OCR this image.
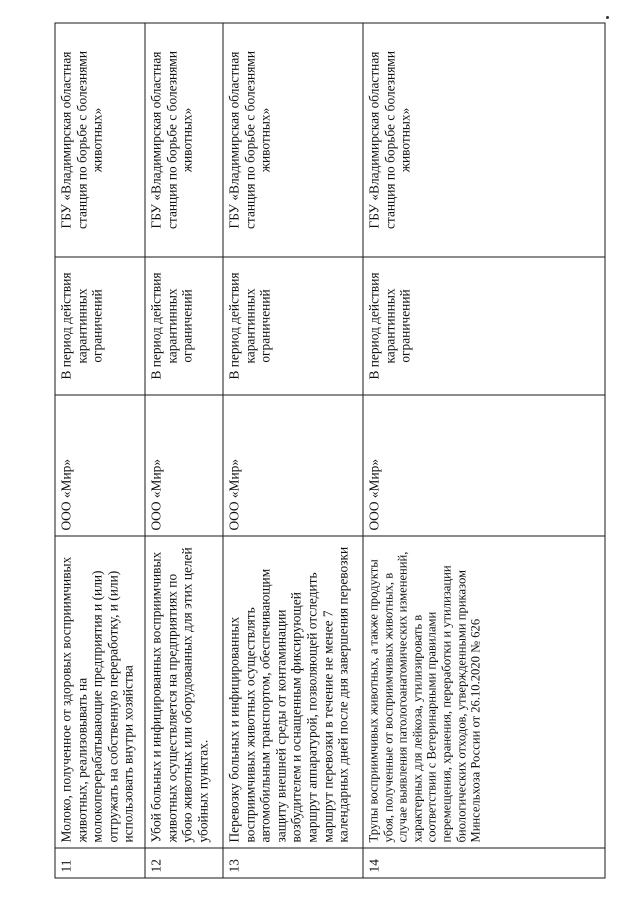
11	Молоко, полученное от здоровых восприимчивых животных, реализовывать на молокоперерабатывающие предприятия и (или) отгружать на собственную переработку, и (или) использовать внутри хозяйства	ООО «Мир»	В период действия карантинных ограничений	ГБУ «Владимирская областная станция по борьбе с болезнями животных»
12	Убой больных и инфицированных восприимчивых животных осуществляется на предприятиях по убою животных или оборудованных для этих целей убойных пунктах.	ООО «Мир»	В период действия карантинных ограничений	ГБУ «Владимирская областная станция по борьбе с болезнями животных»
13	Перевозку больных и инфицированных восприимчивых животных осуществлять автомобильным транспортом, обеспечивающим защиту внешней среды от контаминации возбудителем и оснащенным фиксирующей маршрут аппаратурой, позволяющей отследить маршрут перевозки в течение не менее 7 календарных дней после дня завершения перевозки	ООО «Мир»	В период действия карантинных ограничений	ГБУ «Владимирская областная станция по борьбе с болезнями животных»
14	Трупы восприимчивых животных, а также продукты убоя, полученные от восприимчивых животных, в случае выявления патологоанатомических изменений, характерных для лейкоза, утилизировать в соответствии с Ветеринарными правилами перемещения, хранения, переработки и утилизации биологических отходов, утвержденными приказом Минсельхоза России от 26.10.2020 № 626	ООО «Мир»	В период действия карантинных ограничений	ГБУ «Владимирская областная станция по борьбе с болезнями животных»
